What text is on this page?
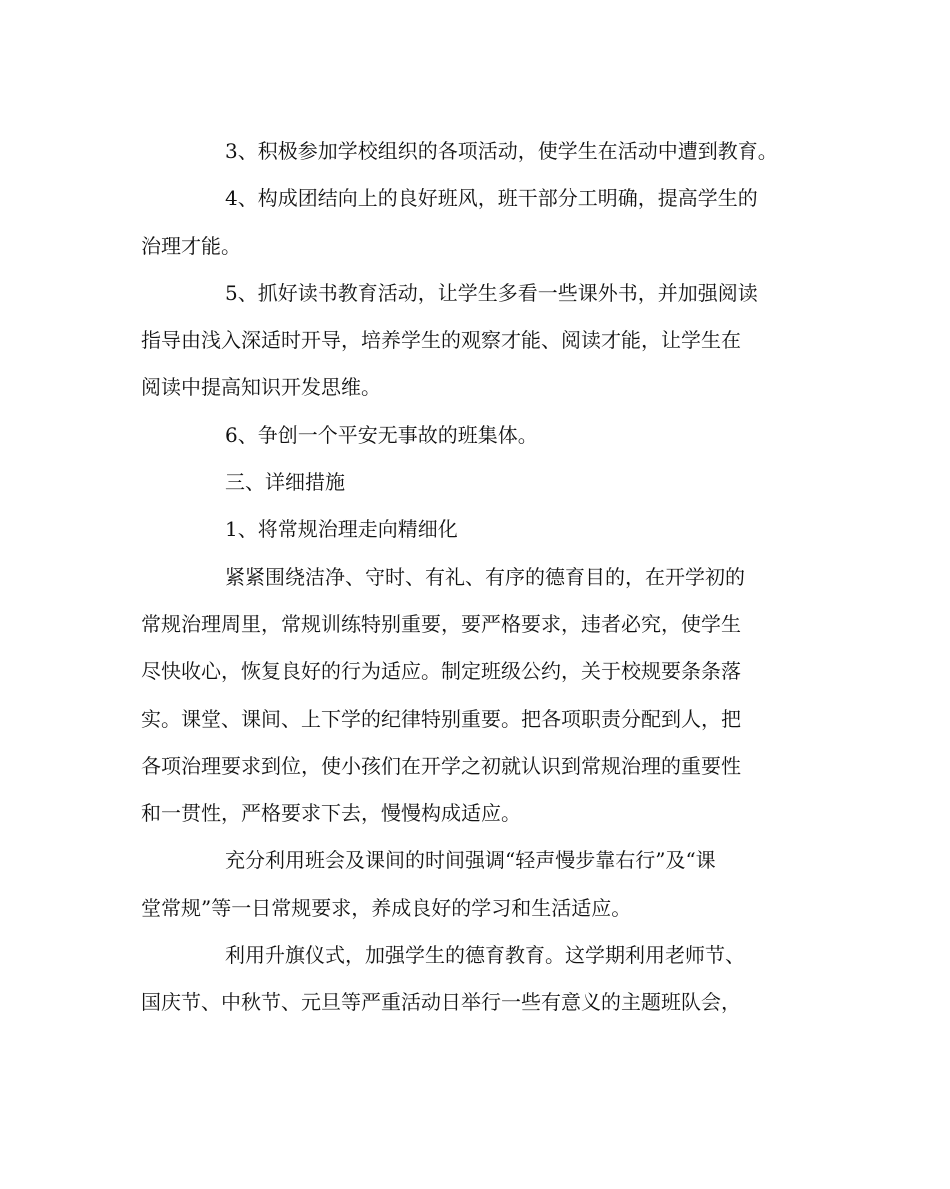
3、积极参加学校组织的各项活动，使学生在活动中遭到教育。
4、构成团结向上的良好班风，班干部分工明确，提高学生的
治理才能。
5、抓好读书教育活动，让学生多看一些课外书，并加强阅读
指导由浅入深适时开导，培养学生的观察才能、阅读才能，让学生在
阅读中提高知识开发思维。
6、争创一个平安无事故的班集体。
三、详细措施
1、将常规治理走向精细化
紧紧围绕洁净、守时、有礼、有序的德育目的，在开学初的
常规治理周里，常规训练特别重要，要严格要求，违者必究，使学生
尽快收心，恢复良好的行为适应。制定班级公约，关于校规要条条落
实。课堂、课间、上下学的纪律特别重要。把各项职责分配到人，把
各项治理要求到位，使小孩们在开学之初就认识到常规治理的重要性
和一贯性，严格要求下去，慢慢构成适应。
充分利用班会及课间的时间强调“轻声慢步靠右行”及“课
堂常规”等一日常规要求，养成良好的学习和生活适应。
利用升旗仪式，加强学生的德育教育。这学期利用老师节、
国庆节、中秋节、元旦等严重活动日举行一些有意义的主题班队会，
